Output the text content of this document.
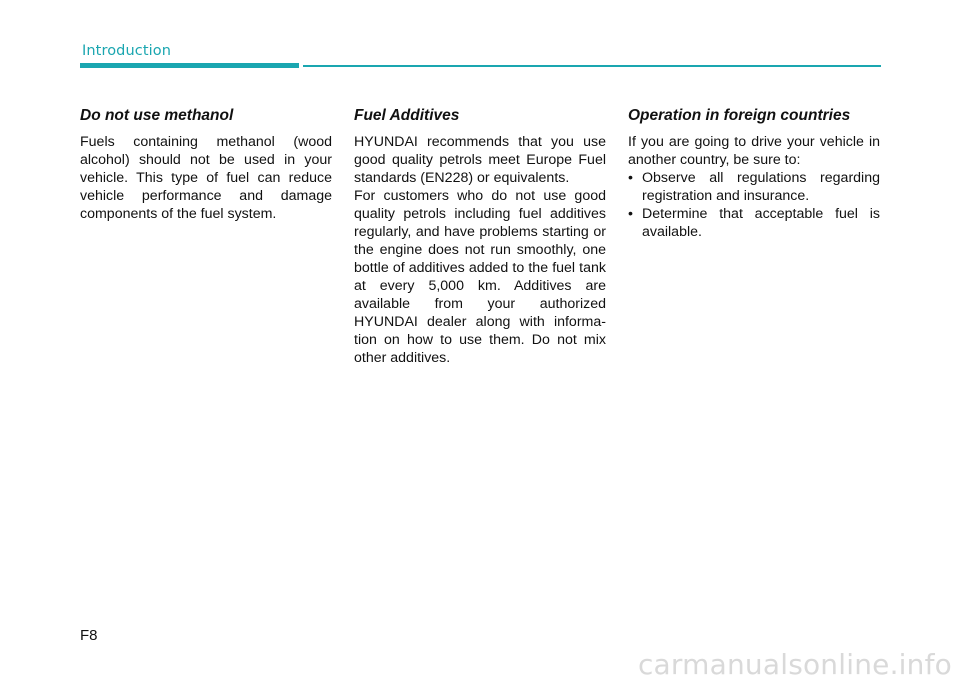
Introduction
Do not use methanol

Fuels containing methanol (wood alcohol) should not be used in your vehicle. This type of fuel can reduce vehicle performance and damage components of the fuel system.

Fuel Additives

HYUNDAI recommends that you use good quality petrols meet Europe Fuel standards (EN228) or equivalents.

For customers who do not use good quality petrols including fuel additives regularly, and have problems starting or the engine does not run smoothly, one bottle of additives added to the fuel tank at every 5,000 km. Additives are available from your authorized HYUNDAI dealer along with informa-tion on how to use them. Do not mix other additives.

Operation in foreign countries

If you are going to drive your vehicle in another country, be sure to:

• Observe all regulations regarding registration and insurance.
• Determine that acceptable fuel is available.
F8
carmanualsonline.info
